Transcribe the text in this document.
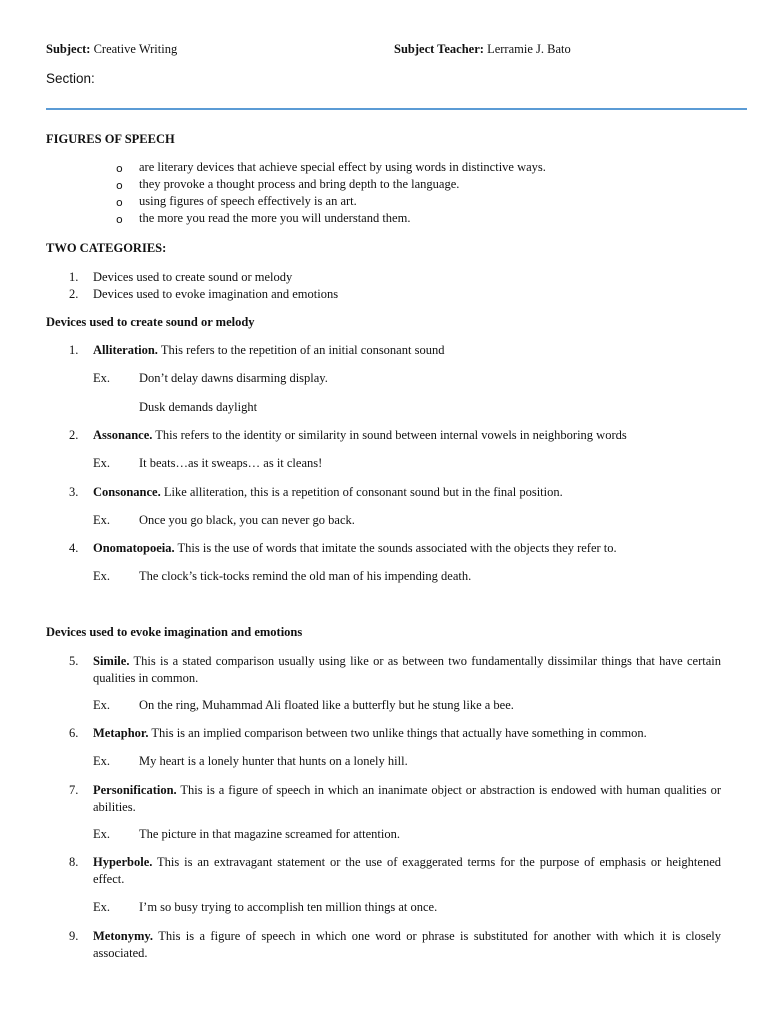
Subject: Creative Writing	Subject Teacher: Lerramie J. Bato
Section:
FIGURES OF SPEECH
o are literary devices that achieve special effect by using words in distinctive ways.
o they provoke a thought process and bring depth to the language.
o using figures of speech effectively is an art.
o the more you read the more you will understand them.
TWO CATEGORIES:
1. Devices used to create sound or melody
2. Devices used to evoke imagination and emotions
Devices used to create sound or melody
1. Alliteration. This refers to the repetition of an initial consonant sound
Ex. Don’t delay dawns disarming display.
Dusk demands daylight
2. Assonance. This refers to the identity or similarity in sound between internal vowels in neighboring words
Ex. It beats…as it sweaps… as it cleans!
3. Consonance. Like alliteration, this is a repetition of consonant sound but in the final position.
Ex. Once you go black, you can never go back.
4. Onomatopoeia. This is the use of words that imitate the sounds associated with the objects they refer to.
Ex. The clock’s tick-tocks remind the old man of his impending death.
Devices used to evoke imagination and emotions
5. Simile. This is a stated comparison usually using like or as between two fundamentally dissimilar things that have certain qualities in common.
Ex. On the ring, Muhammad Ali floated like a butterfly but he stung like a bee.
6. Metaphor. This is an implied comparison between two unlike things that actually have something in common.
Ex. My heart is a lonely hunter that hunts on a lonely hill.
7. Personification. This is a figure of speech in which an inanimate object or abstraction is endowed with human qualities or abilities.
Ex. The picture in that magazine screamed for attention.
8. Hyperbole. This is an extravagant statement or the use of exaggerated terms for the purpose of emphasis or heightened effect.
Ex. I’m so busy trying to accomplish ten million things at once.
9. Metonymy. This is a figure of speech in which one word or phrase is substituted for another with which it is closely associated.
